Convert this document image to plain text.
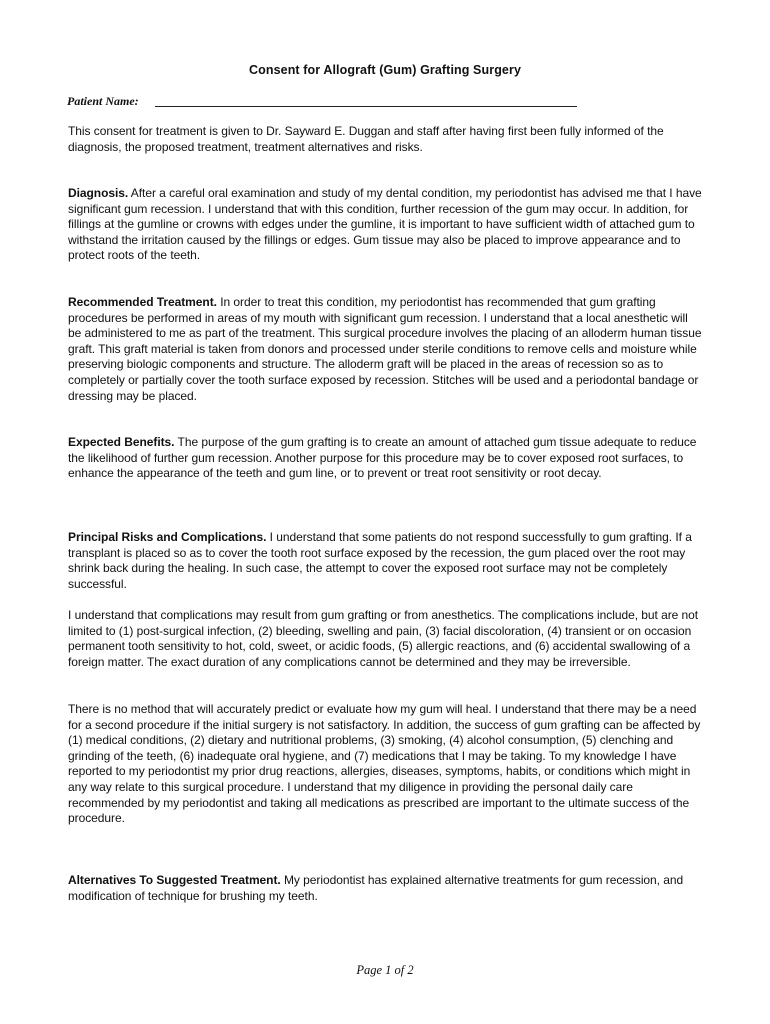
Consent for Allograft (Gum) Grafting Surgery
Patient Name:

This consent for treatment is given to Dr. Sayward E. Duggan and staff after having first been fully informed of the diagnosis, the proposed treatment, treatment alternatives and risks.

Diagnosis. After a careful oral examination and study of my dental condition, my periodontist has advised me that I have significant gum recession. I understand that with this condition, further recession of the gum may occur. In addition, for fillings at the gumline or crowns with edges under the gumline, it is important to have sufficient width of attached gum to withstand the irritation caused by the fillings or edges. Gum tissue may also be placed to improve appearance and to protect roots of the teeth.

Recommended Treatment. In order to treat this condition, my periodontist has recommended that gum grafting procedures be performed in areas of my mouth with significant gum recession. I understand that a local anesthetic will be administered to me as part of the treatment. This surgical procedure involves the placing of an alloderm human tissue graft. This graft material is taken from donors and processed under sterile conditions to remove cells and moisture while preserving biologic components and structure. The alloderm graft will be placed in the areas of recession so as to completely or partially cover the tooth surface exposed by recession. Stitches will be used and a periodontal bandage or dressing may be placed.

Expected Benefits. The purpose of the gum grafting is to create an amount of attached gum tissue adequate to reduce the likelihood of further gum recession. Another purpose for this procedure may be to cover exposed root surfaces, to enhance the appearance of the teeth and gum line, or to prevent or treat root sensitivity or root decay.

Principal Risks and Complications. I understand that some patients do not respond successfully to gum grafting. If a transplant is placed so as to cover the tooth root surface exposed by the recession, the gum placed over the root may shrink back during the healing. In such case, the attempt to cover the exposed root surface may not be completely successful.

I understand that complications may result from gum grafting or from anesthetics. The complications include, but are not limited to (1) post-surgical infection, (2) bleeding, swelling and pain, (3) facial discoloration, (4) transient or on occasion permanent tooth sensitivity to hot, cold, sweet, or acidic foods, (5) allergic reactions, and (6) accidental swallowing of a foreign matter. The exact duration of any complications cannot be determined and they may be irreversible.

There is no method that will accurately predict or evaluate how my gum will heal. I understand that there may be a need for a second procedure if the initial surgery is not satisfactory. In addition, the success of gum grafting can be affected by (1) medical conditions, (2) dietary and nutritional problems, (3) smoking, (4) alcohol consumption, (5) clenching and grinding of the teeth, (6) inadequate oral hygiene, and (7) medications that I may be taking. To my knowledge I have reported to my periodontist my prior drug reactions, allergies, diseases, symptoms, habits, or conditions which might in any way relate to this surgical procedure. I understand that my diligence in providing the personal daily care recommended by my periodontist and taking all medications as prescribed are important to the ultimate success of the procedure.

Alternatives To Suggested Treatment. My periodontist has explained alternative treatments for gum recession, and modification of technique for brushing my teeth.

Page 1 of 2
